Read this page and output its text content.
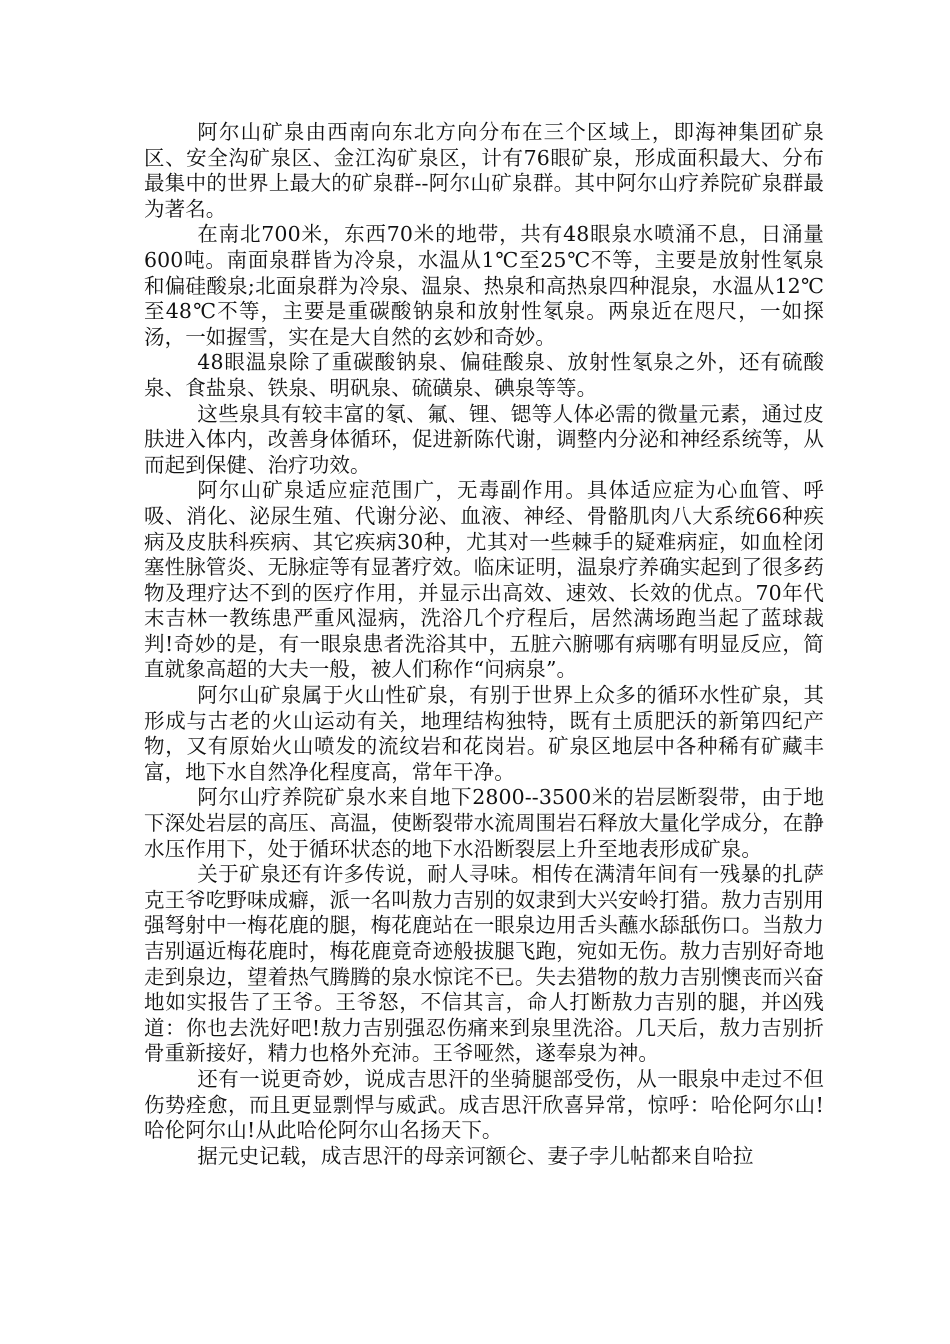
阿尔山矿泉由西南向东北方向分布在三个区域上，即海神集团矿泉区、安全沟矿泉区、金江沟矿泉区，计有76眼矿泉，形成面积最大、分布最集中的世界上最大的矿泉群--阿尔山矿泉群。其中阿尔山疗养院矿泉群最为著名。

在南北700米，东西70米的地带，共有48眼泉水喷涌不息，日涌量600吨。南面泉群皆为冷泉，水温从1℃至25℃不等，主要是放射性氡泉和偏硅酸泉;北面泉群为冷泉、温泉、热泉和高热泉四种混泉，水温从12℃至48℃不等，主要是重碳酸钠泉和放射性氡泉。两泉近在咫尺，一如探汤，一如握雪，实在是大自然的玄妙和奇妙。

48眼温泉除了重碳酸钠泉、偏硅酸泉、放射性氡泉之外，还有硫酸泉、食盐泉、铁泉、明矾泉、硫磺泉、碘泉等等。

这些泉具有较丰富的氡、氟、锂、锶等人体必需的微量元素，通过皮肤进入体内，改善身体循环，促进新陈代谢，调整内分泌和神经系统等，从而起到保健、治疗功效。

阿尔山矿泉适应症范围广，无毒副作用。具体适应症为心血管、呼吸、消化、泌尿生殖、代谢分泌、血液、神经、骨骼肌肉八大系统66种疾病及皮肤科疾病、其它疾病30种，尤其对一些棘手的疑难病症，如血栓闭塞性脉管炎、无脉症等有显著疗效。临床证明，温泉疗养确实起到了很多药物及理疗达不到的医疗作用，并显示出高效、速效、长效的优点。70年代末吉林一教练患严重风湿病，洗浴几个疗程后，居然满场跑当起了蓝球裁判!奇妙的是，有一眼泉患者洗浴其中，五脏六腑哪有病哪有明显反应，简直就象高超的大夫一般，被人们称作“问病泉”。

阿尔山矿泉属于火山性矿泉，有别于世界上众多的循环水性矿泉，其形成与古老的火山运动有关，地理结构独特，既有土质肥沃的新第四纪产物，又有原始火山喷发的流纹岩和花岗岩。矿泉区地层中各种稀有矿藏丰富，地下水自然净化程度高，常年干净。

阿尔山疗养院矿泉水来自地下2800--3500米的岩层断裂带，由于地下深处岩层的高压、高温，使断裂带水流周围岩石释放大量化学成分，在静水压作用下，处于循环状态的地下水沿断裂层上升至地表形成矿泉。

关于矿泉还有许多传说，耐人寻味。相传在满清年间有一残暴的扎萨克王爷吃野味成癖，派一名叫敖力吉别的奴隶到大兴安岭打猎。敖力吉别用强弩射中一梅花鹿的腿，梅花鹿站在一眼泉边用舌头蘸水舔舐伤口。当敖力吉别逼近梅花鹿时，梅花鹿竟奇迹般拔腿飞跑，宛如无伤。敖力吉别好奇地走到泉边，望着热气腾腾的泉水惊诧不已。失去猎物的敖力吉别懊丧而兴奋地如实报告了王爷。王爷怒，不信其言，命人打断敖力吉别的腿，并凶残道：你也去洗好吧!敖力吉别强忍伤痛来到泉里洗浴。几天后，敖力吉别折骨重新接好，精力也格外充沛。王爷哑然，遂奉泉为神。

还有一说更奇妙，说成吉思汗的坐骑腿部受伤，从一眼泉中走过不但伤势痊愈，而且更显剽悍与威武。成吉思汗欣喜异常，惊呼：哈伦阿尔山!哈伦阿尔山!从此哈伦阿尔山名扬天下。

据元史记载，成吉思汗的母亲诃额仑、妻子孛儿帖都来自哈拉
